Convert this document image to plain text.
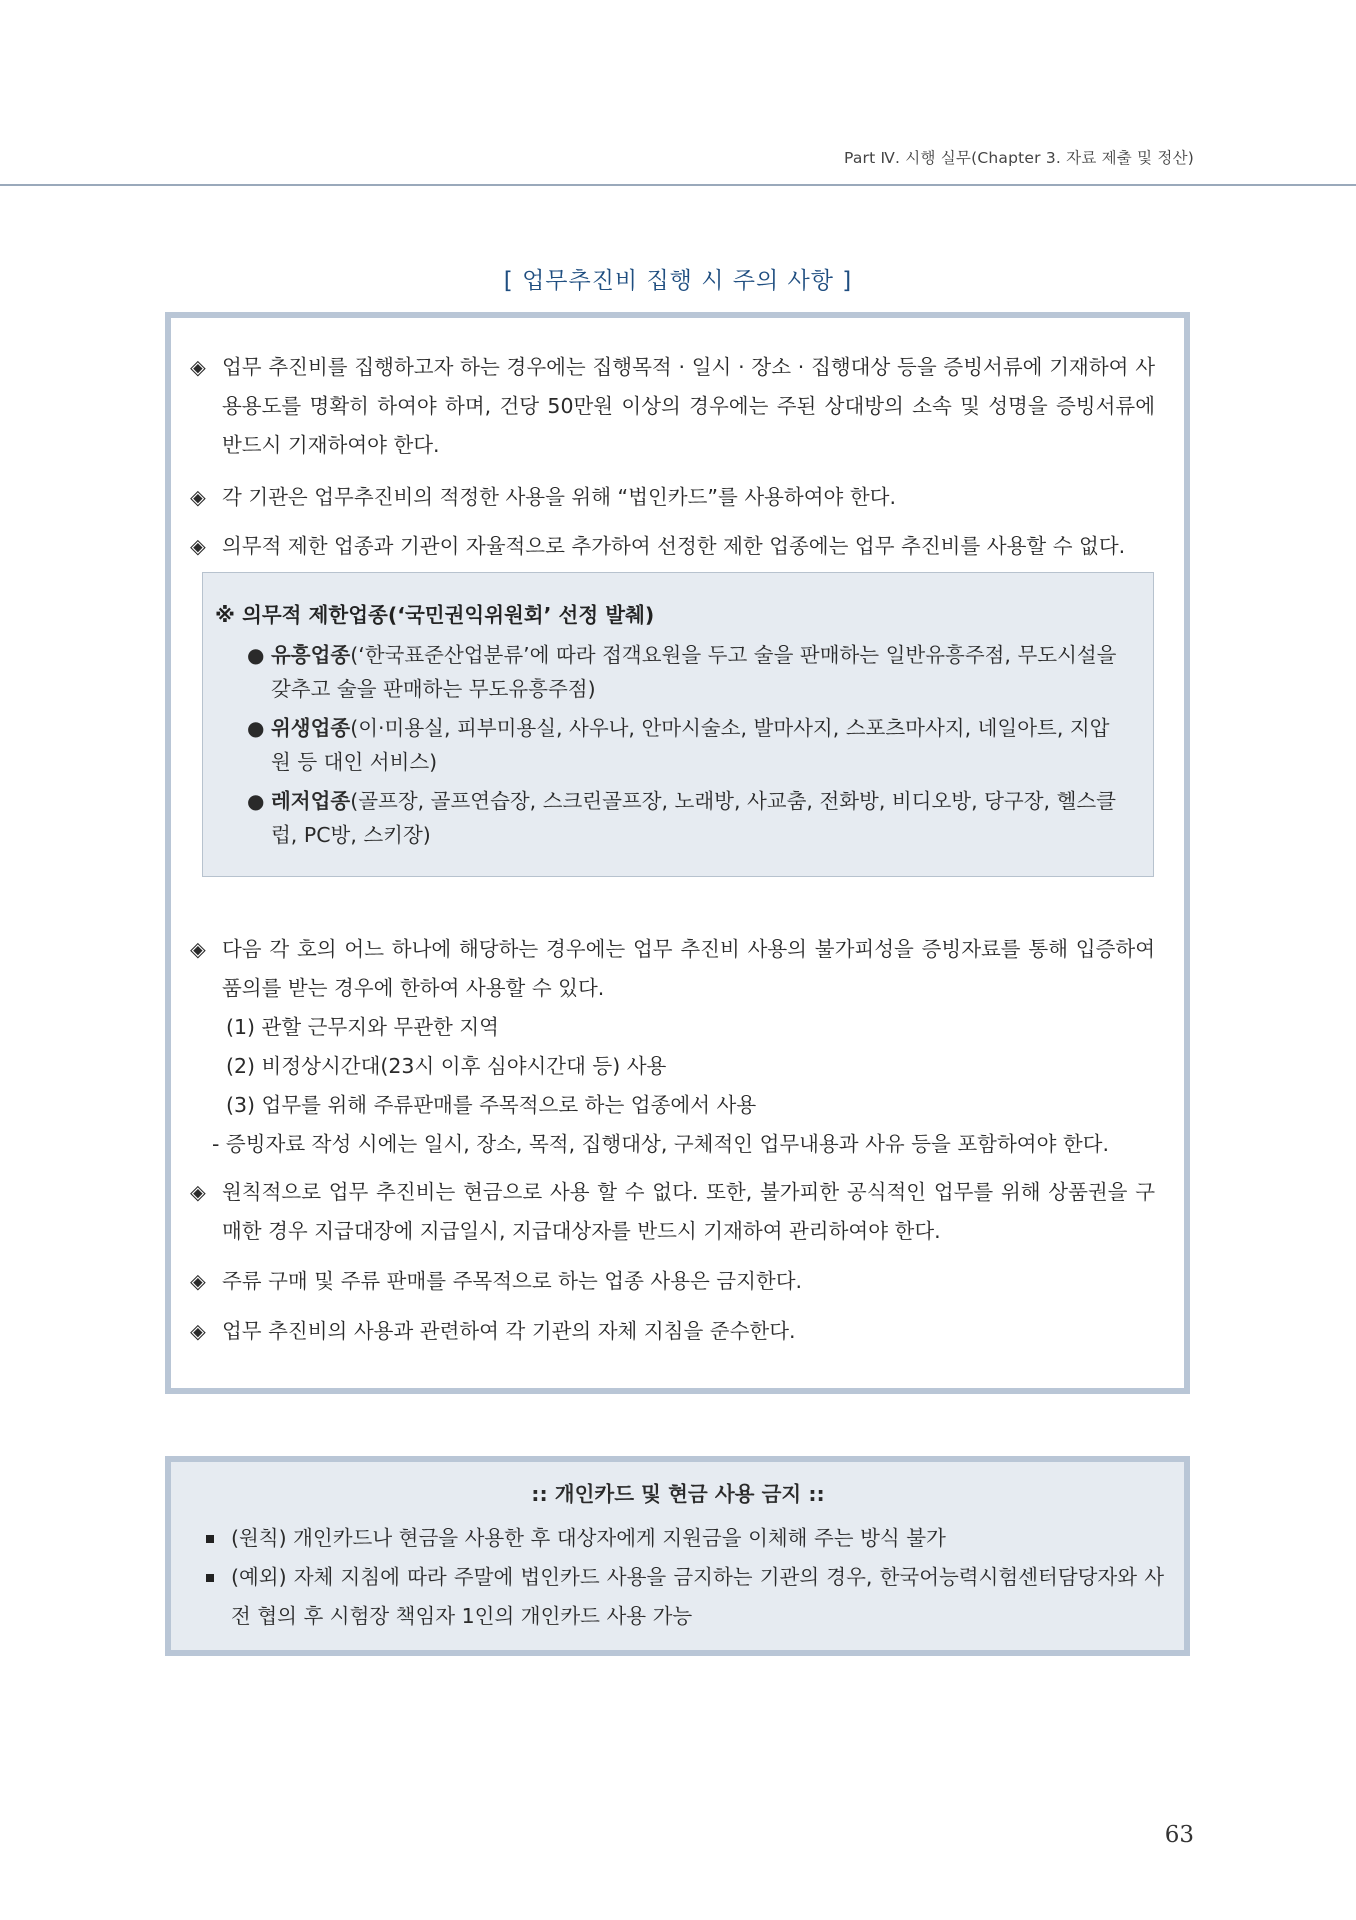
Part Ⅳ. 시행 실무(Chapter 3. 자료 제출 및 정산)
[ 업무추진비 집행 시 주의 사항 ]
◈ 업무 추진비를 집행하고자 하는 경우에는 집행목적 · 일시 · 장소 · 집행대상 등을 증빙서류에 기재하여 사용용도를 명확히 하여야 하며, 건당 50만원 이상의 경우에는 주된 상대방의 소속 및 성명을 증빙서류에 반드시 기재하여야 한다.
◈ 각 기관은 업무추진비의 적정한 사용을 위해 “법인카드”를 사용하여야 한다.
◈ 의무적 제한 업종과 기관이 자율적으로 추가하여 선정한 제한 업종에는 업무 추진비를 사용할 수 없다.
※ 의무적 제한업종(‘국민권익위원회’ 선정 발췌)
● 유흥업종(‘한국표준산업분류’에 따라 접객요원을 두고 술을 판매하는 일반유흥주점, 무도시설을 갖추고 술을 판매하는 무도유흥주점)
● 위생업종(이·미용실, 피부미용실, 사우나, 안마시술소, 발마사지, 스포츠마사지, 네일아트, 지압원 등 대인 서비스)
● 레저업종(골프장, 골프연습장, 스크린골프장, 노래방, 사교춤, 전화방, 비디오방, 당구장, 헬스클럽, PC방, 스키장)
◈ 다음 각 호의 어느 하나에 해당하는 경우에는 업무 추진비 사용의 불가피성을 증빙자료를 통해 입증하여 품의를 받는 경우에 한하여 사용할 수 있다.
(1) 관할 근무지와 무관한 지역
(2) 비정상시간대(23시 이후 심야시간대 등) 사용
(3) 업무를 위해 주류판매를 주목적으로 하는 업종에서 사용
- 증빙자료 작성 시에는 일시, 장소, 목적, 집행대상, 구체적인 업무내용과 사유 등을 포함하여야 한다.
◈ 원칙적으로 업무 추진비는 현금으로 사용 할 수 없다. 또한, 불가피한 공식적인 업무를 위해 상품권을 구매한 경우 지급대장에 지급일시, 지급대상자를 반드시 기재하여 관리하여야 한다.
◈ 주류 구매 및 주류 판매를 주목적으로 하는 업종 사용은 금지한다.
◈ 업무 추진비의 사용과 관련하여 각 기관의 자체 지침을 준수한다.
:: 개인카드 및 현금 사용 금지 ::
(원칙) 개인카드나 현금을 사용한 후 대상자에게 지원금을 이체해 주는 방식 불가
(예외) 자체 지침에 따라 주말에 법인카드 사용을 금지하는 기관의 경우, 한국어능력시험센터담당자와 사전 협의 후 시험장 책임자 1인의 개인카드 사용 가능
63
